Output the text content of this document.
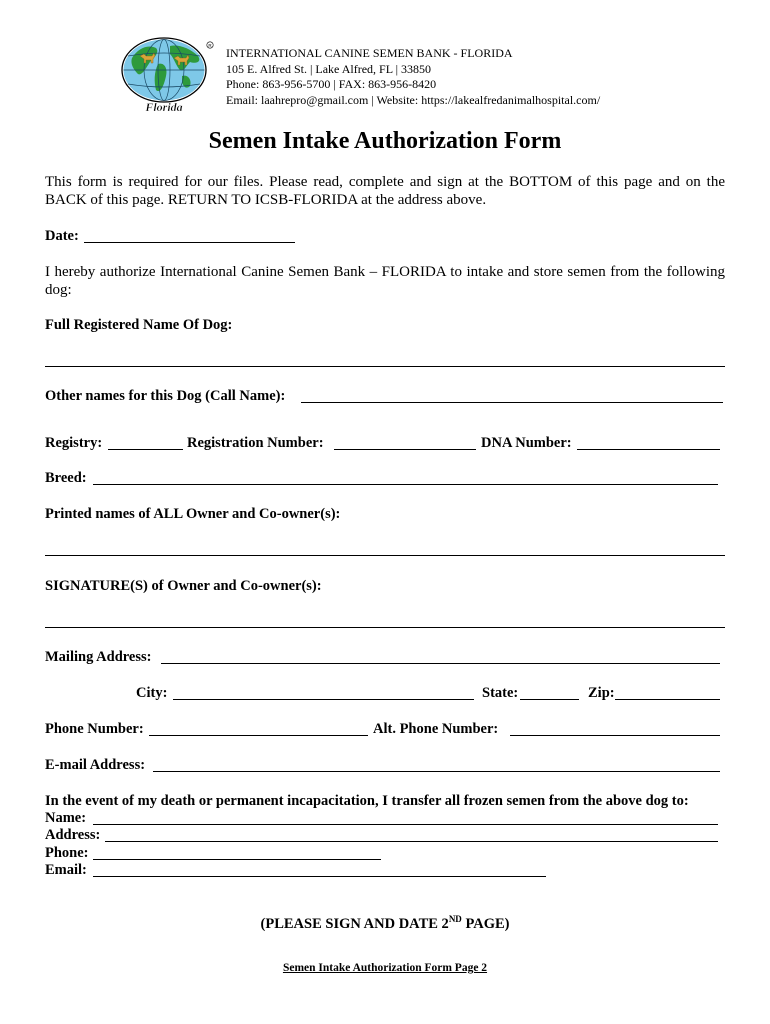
R
Florida
INTERNATIONAL CANINE SEMEN BANK - FLORIDA
105 E. Alfred St. | Lake Alfred, FL | 33850
Phone: 863-956-5700 | FAX: 863-956-8420
Email: laahrepro@gmail.com | Website: https://lakealfredanimalhospital.com/
Semen Intake Authorization Form
This form is required for our files. Please read, complete and sign at the BOTTOM of this page and on the BACK of this page. RETURN TO ICSB-FLORIDA at the address above.
Date:
I hereby authorize International Canine Semen Bank – FLORIDA to intake and store semen from the following dog:
Full Registered Name Of Dog:
Other names for this Dog (Call Name):
Registry:	Registration Number:	DNA Number:
Breed:
Printed names of ALL Owner and Co-owner(s):
SIGNATURE(S) of Owner and Co-owner(s):
Mailing Address:
City:	State:	Zip:
Phone Number:	Alt. Phone Number:
E-mail Address:
In the event of my death or permanent incapacitation, I transfer all frozen semen from the above dog to:
Name:
Address:
Phone:
Email:
(PLEASE SIGN AND DATE 2ND PAGE)
Semen Intake Authorization Form Page 2
